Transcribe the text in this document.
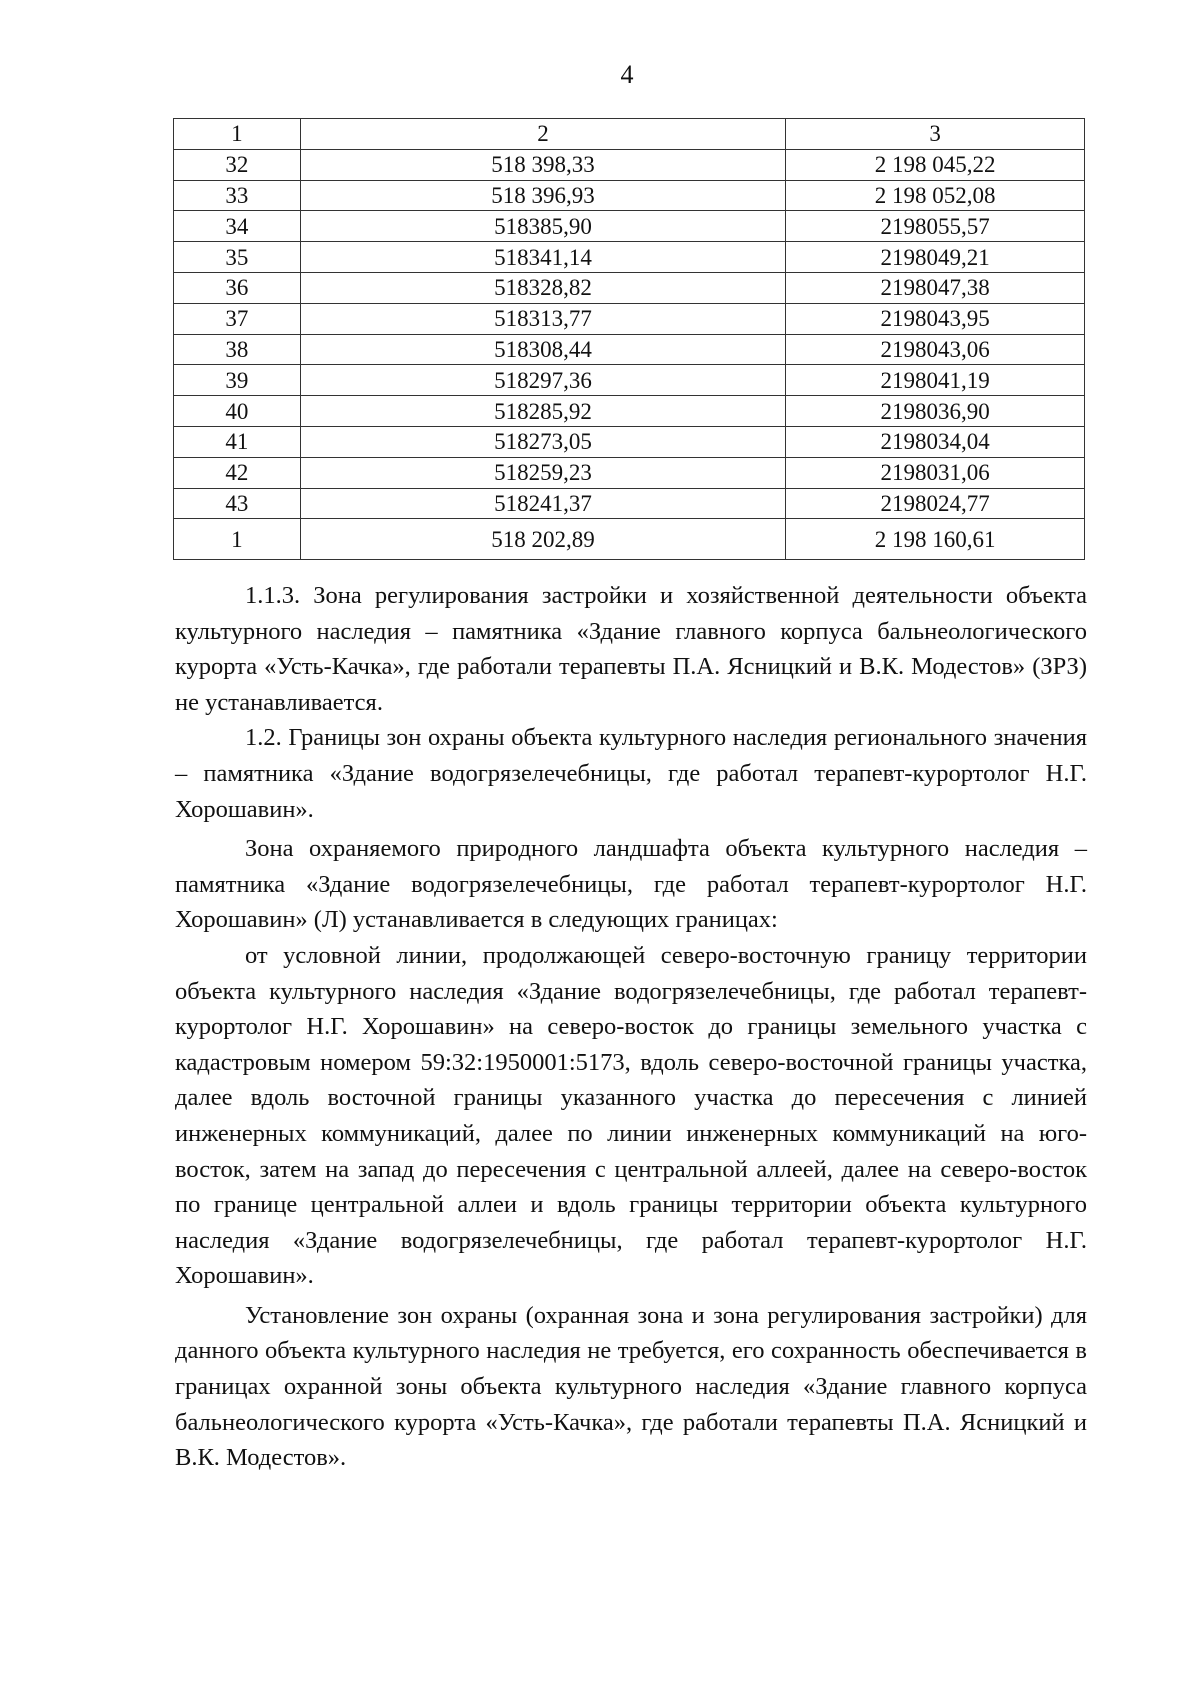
4
1	2	3
32	518 398,33	2 198 045,22
33	518 396,93	2 198 052,08
34	518385,90	2198055,57
35	518341,14	2198049,21
36	518328,82	2198047,38
37	518313,77	2198043,95
38	518308,44	2198043,06
39	518297,36	2198041,19
40	518285,92	2198036,90
41	518273,05	2198034,04
42	518259,23	2198031,06
43	518241,37	2198024,77
1	518 202,89	2 198 160,61

1.1.3. Зона регулирования застройки и хозяйственной деятельности объекта культурного наследия – памятника «Здание главного корпуса бальнеологического курорта «Усть-Качка», где работали терапевты П.А. Ясницкий и В.К. Модестов» (ЗРЗ) не устанавливается.

1.2. Границы зон охраны объекта культурного наследия регионального значения – памятника «Здание водогрязелечебницы, где работал терапевт-курортолог Н.Г. Хорошавин».

Зона охраняемого природного ландшафта объекта культурного наследия – памятника «Здание водогрязелечебницы, где работал терапевт-курортолог Н.Г. Хорошавин» (Л) устанавливается в следующих границах:

от условной линии, продолжающей северо-восточную границу территории объекта культурного наследия «Здание водогрязелечебницы, где работал терапевт-курортолог Н.Г. Хорошавин» на северо-восток до границы земельного участка с кадастровым номером 59:32:1950001:5173, вдоль северо-восточной границы участка, далее вдоль восточной границы указанного участка до пересечения с линией инженерных коммуникаций, далее по линии инженерных коммуникаций на юго-восток, затем на запад до пересечения с центральной аллеей, далее на северо-восток по границе центральной аллеи и вдоль границы территории объекта культурного наследия «Здание водогрязелечебницы, где работал терапевт-курортолог Н.Г. Хорошавин».

Установление зон охраны (охранная зона и зона регулирования застройки) для данного объекта культурного наследия не требуется, его сохранность обеспечивается в границах охранной зоны объекта культурного наследия «Здание главного корпуса бальнеологического курорта «Усть-Качка», где работали терапевты П.А. Ясницкий и В.К. Модестов».
